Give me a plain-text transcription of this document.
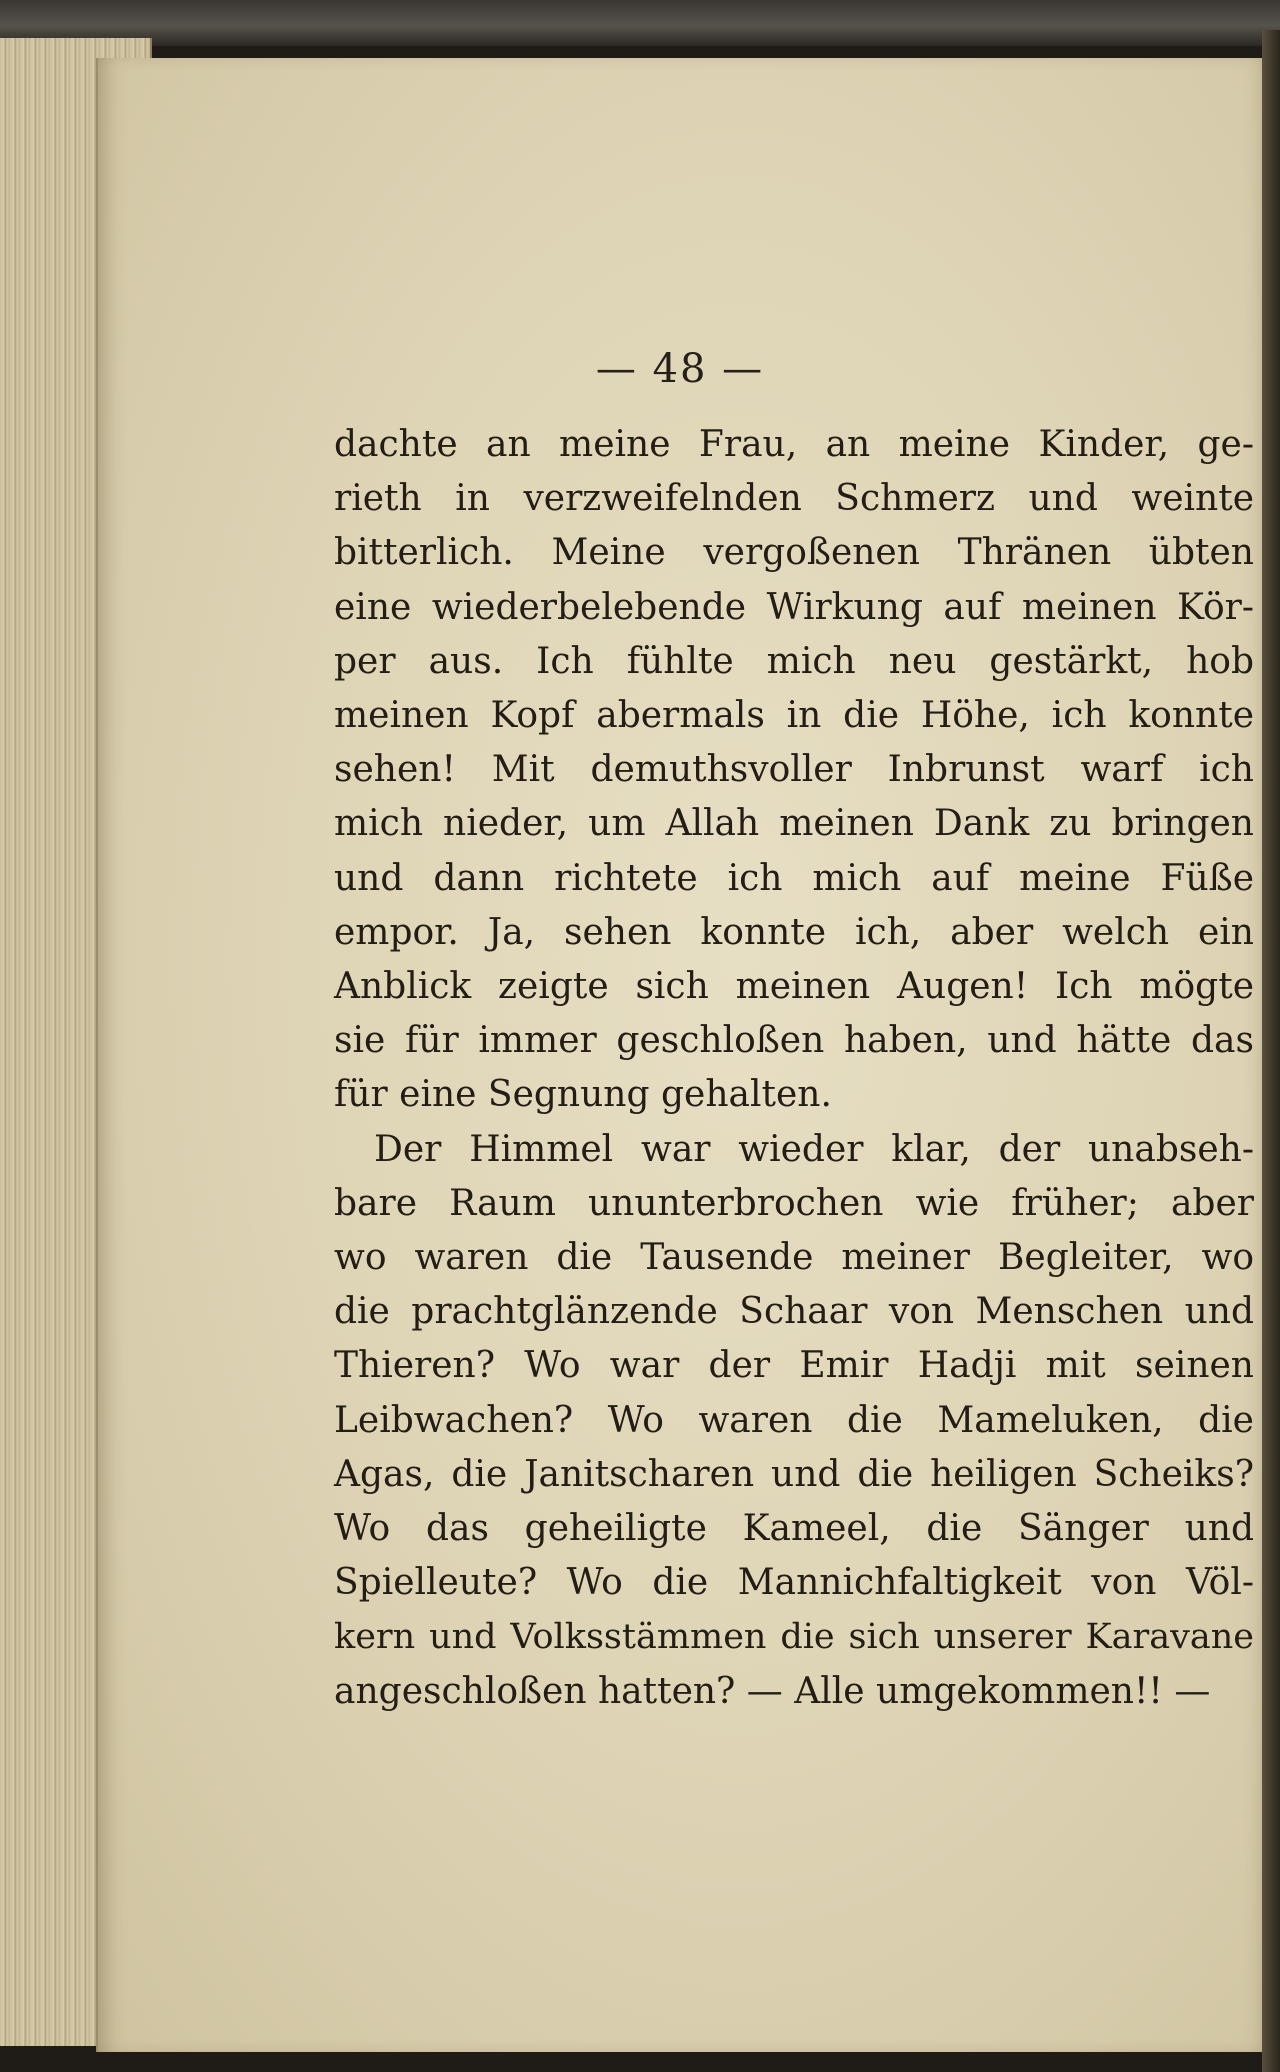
— 48 —

dachte an meine Frau, an meine Kinder, ge-
rieth in verzweifelnden Schmerz und weinte
bitterlich. Meine vergoßenen Thränen übten
eine wiederbelebende Wirkung auf meinen Kör-
per aus. Ich fühlte mich neu gestärkt, hob
meinen Kopf abermals in die Höhe, ich konnte
sehen! Mit demuthsvoller Inbrunst warf ich
mich nieder, um Allah meinen Dank zu bringen
und dann richtete ich mich auf meine Füße
empor. Ja, sehen konnte ich, aber welch ein
Anblick zeigte sich meinen Augen! Ich mögte
sie für immer geschloßen haben, und hätte das
für eine Segnung gehalten.

Der Himmel war wieder klar, der unabseh-
bare Raum ununterbrochen wie früher; aber
wo waren die Tausende meiner Begleiter, wo
die prachtglänzende Schaar von Menschen und
Thieren? Wo war der Emir Hadji mit seinen
Leibwachen? Wo waren die Mameluken, die
Agas, die Janitscharen und die heiligen Scheiks?
Wo das geheiligte Kameel, die Sänger und
Spielleute? Wo die Mannichfaltigkeit von Völ-
kern und Volksstämmen die sich unserer Karavane
angeschloßen hatten? — Alle umgekommen!! —
